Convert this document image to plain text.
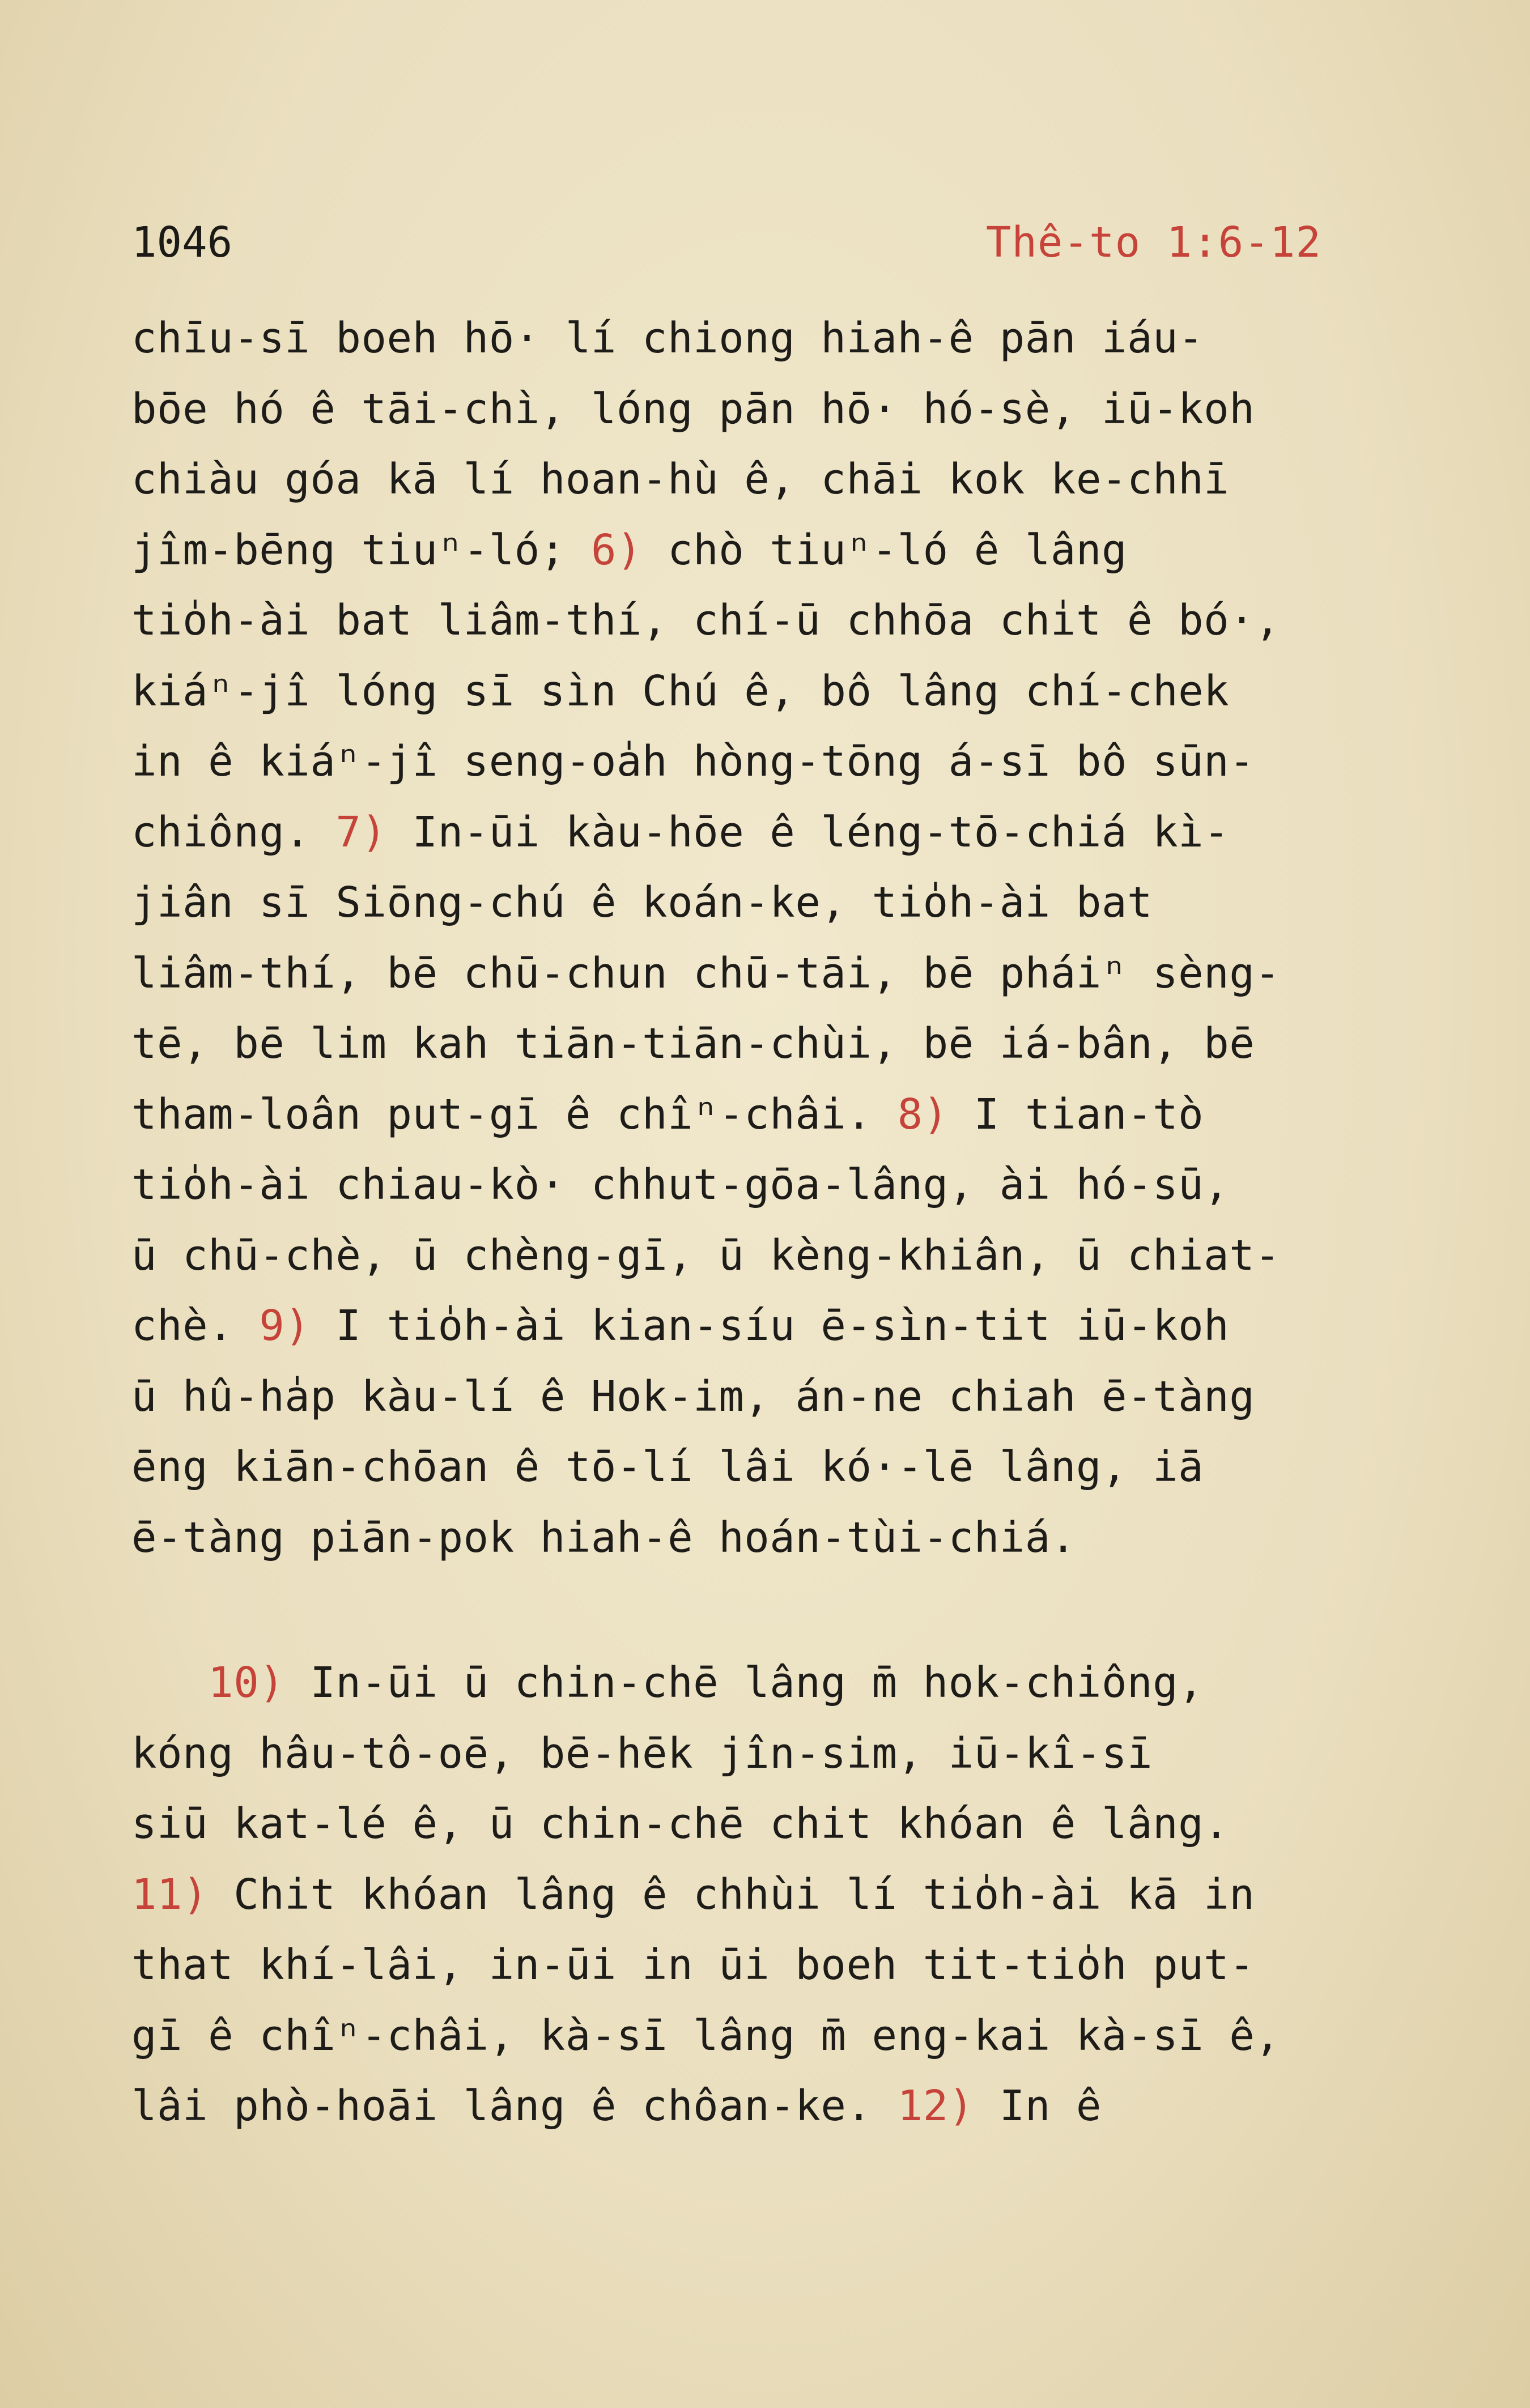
1046	Thê-to 1:6-12
chīu-sī boeh hō· lí chiong hiah-ê pān iáu-
bōe hó ê tāi-chì, lóng pān hō· hó-sè, iū-koh
chiàu góa kā lí hoan-hù ê, chāi kok ke-chhī
jîm-bēng tiuⁿ-ló; 6) chò tiuⁿ-ló ê lâng
tio̍h-ài bat liâm-thí, chí-ū chhōa chi̍t ê bó·,
kiáⁿ-jî lóng sī sìn Chú ê, bô lâng chí-chek
in ê kiáⁿ-jî seng-oa̍h hòng-tōng á-sī bô sūn-
chiông. 7) In-ūi kàu-hōe ê léng-tō-chiá kì-
jiân sī Siōng-chú ê koán-ke, tio̍h-ài bat
liâm-thí, bē chū-chun chū-tāi, bē pháiⁿ sèng-
tē, bē lim kah tiān-tiān-chùi, bē iá-bân, bē
tham-loân put-gī ê chîⁿ-châi. 8) I tian-tò
tio̍h-ài chiau-kò· chhut-gōa-lâng, ài hó-sū,
ū chū-chè, ū chèng-gī, ū kèng-khiân, ū chiat-
chè. 9) I tio̍h-ài kian-síu ē-sìn-tit iū-koh
ū hû-ha̍p kàu-lí ê Hok-im, án-ne chiah ē-tàng
ēng kiān-chōan ê tō-lí lâi kó·-lē lâng, iā
ē-tàng piān-pok hiah-ê hoán-tùi-chiá.
10) In-ūi ū chin-chē lâng m̄ hok-chiông,
kóng hâu-tô-oē, bē-hēk jîn-sim, iū-kî-sī
siū kat-lé ê, ū chin-chē chit khóan ê lâng.
11) Chit khóan lâng ê chhùi lí tio̍h-ài kā in
that khí-lâi, in-ūi in ūi boeh tit-tio̍h put-
gī ê chîⁿ-châi, kà-sī lâng m̄ eng-kai kà-sī ê,
lâi phò-hoāi lâng ê chôan-ke. 12) In ê
